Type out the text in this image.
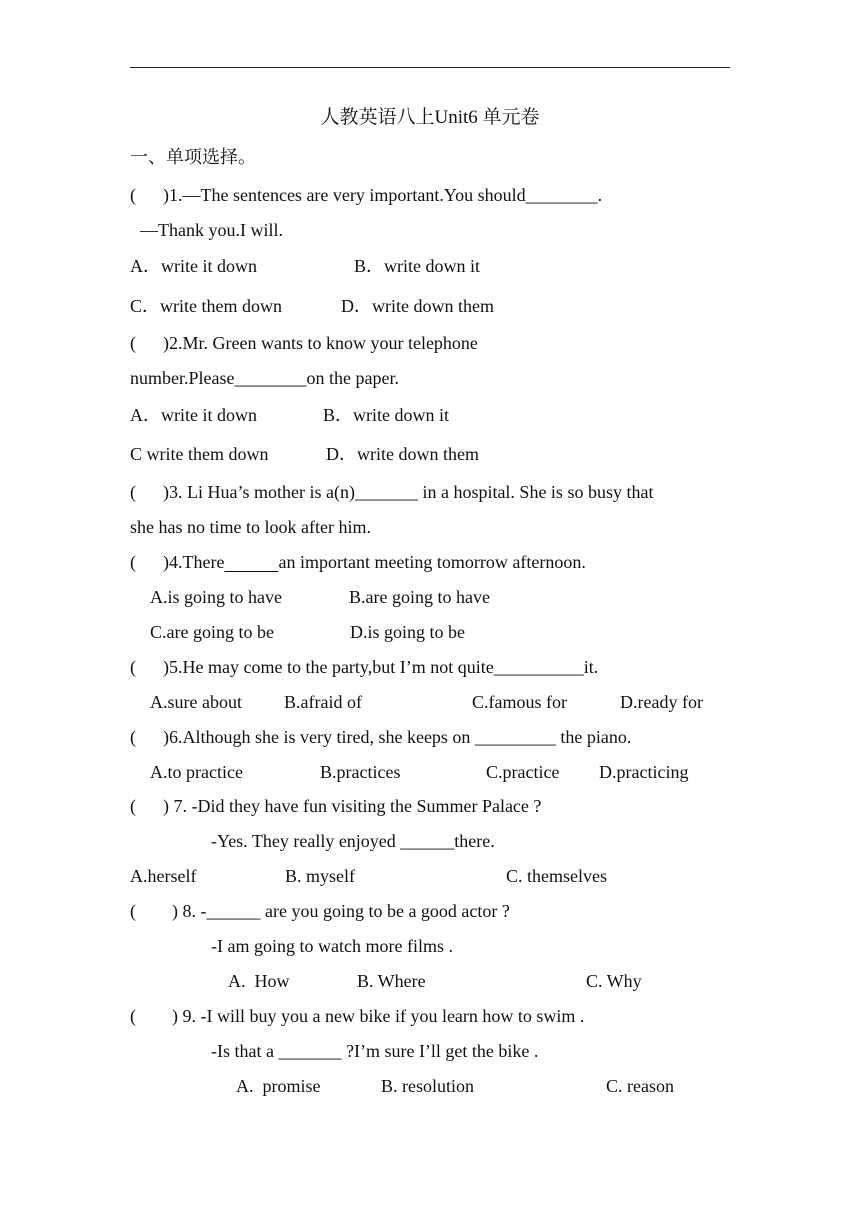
人教英语八上Unit6 单元卷
一、单项选择。
(      )1.—The sentences are very important.You should________.
—Thank you.I will.
A．write it down	B．write down it
C．write them down	D．write down them
(      )2.Mr. Green wants to know your telephone
number.Please________on the paper.
A．write it down	B．write down it
C write them down	D．write down them
(      )3. Li Hua’s mother is a(n)_______ in a hospital. She is so busy that
she has no time to look after him.
(      )4.There	an important meeting tomorrow afternoon.
A.is going to have	B.are going to have
C.are going to be	D.is going to be
(      )5.He may come to the party,but I’m not quite__________it.
A.sure about B.afraid of	C.famous for	D.ready for
(      )6.Although she is very tired, she keeps on _________ the piano.
A.to practice	B.practices	C.practice D.practicing
(      ) 7. -Did they have fun visiting the Summer Palace ?
-Yes. They really enjoyed ______there.
A.herself	B. myself	C. themselves
(        ) 8. -______ are you going to be a good actor ?
-I am going to watch more films .
A.  How	B. Where	C. Why
(        ) 9. -I will buy you a new bike if you learn how to swim .
-Is that a _______ ?I’m sure I’ll get the bike .
A.  promise	B. resolution	C. reason
